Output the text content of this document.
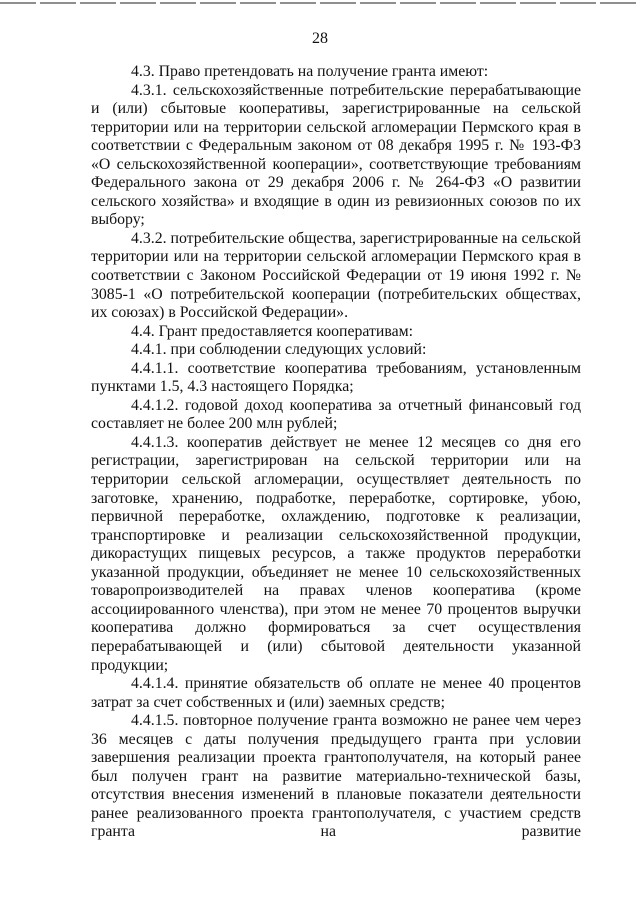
28

4.3. Право претендовать на получение гранта имеют:

4.3.1. сельскохозяйственные потребительские перерабатывающие и (или) сбытовые кооперативы, зарегистрированные на сельской территории или на территории сельской агломерации Пермского края в соответствии с Федеральным законом от 08 декабря 1995 г. № 193-ФЗ «О сельскохозяйственной кооперации», соответствующие требованиям Федерального закона от 29 декабря 2006 г. № 264-ФЗ «О развитии сельского хозяйства» и входящие в один из ревизионных союзов по их выбору;

4.3.2. потребительские общества, зарегистрированные на сельской территории или на территории сельской агломерации Пермского края в соответствии с Законом Российской Федерации от 19 июня 1992 г. № 3085-1 «О потребительской кооперации (потребительских обществах, их союзах) в Российской Федерации».

4.4. Грант предоставляется кооперативам:

4.4.1. при соблюдении следующих условий:

4.4.1.1. соответствие кооператива требованиям, установленным пунктами 1.5, 4.3 настоящего Порядка;

4.4.1.2. годовой доход кооператива за отчетный финансовый год составляет не более 200 млн рублей;

4.4.1.3. кооператив действует не менее 12 месяцев со дня его регистрации, зарегистрирован на сельской территории или на территории сельской агломерации, осуществляет деятельность по заготовке, хранению, подработке, переработке, сортировке, убою, первичной переработке, охлаждению, подготовке к реализации, транспортировке и реализации сельскохозяйственной продукции, дикорастущих пищевых ресурсов, а также продуктов переработки указанной продукции, объединяет не менее 10 сельскохозяйственных товаропроизводителей на правах членов кооператива (кроме ассоциированного членства), при этом не менее 70 процентов выручки кооператива должно формироваться за счет осуществления перерабатывающей и (или) сбытовой деятельности указанной продукции;

4.4.1.4. принятие обязательств об оплате не менее 40 процентов затрат за счет собственных и (или) заемных средств;

4.4.1.5. повторное получение гранта возможно не ранее чем через 36 месяцев с даты получения предыдущего гранта при условии завершения реализации проекта грантополучателя, на который ранее был получен грант на развитие материально-технической базы, отсутствия внесения изменений в плановые показатели деятельности ранее реализованного проекта грантополучателя, с участием средств гранта на развитие
